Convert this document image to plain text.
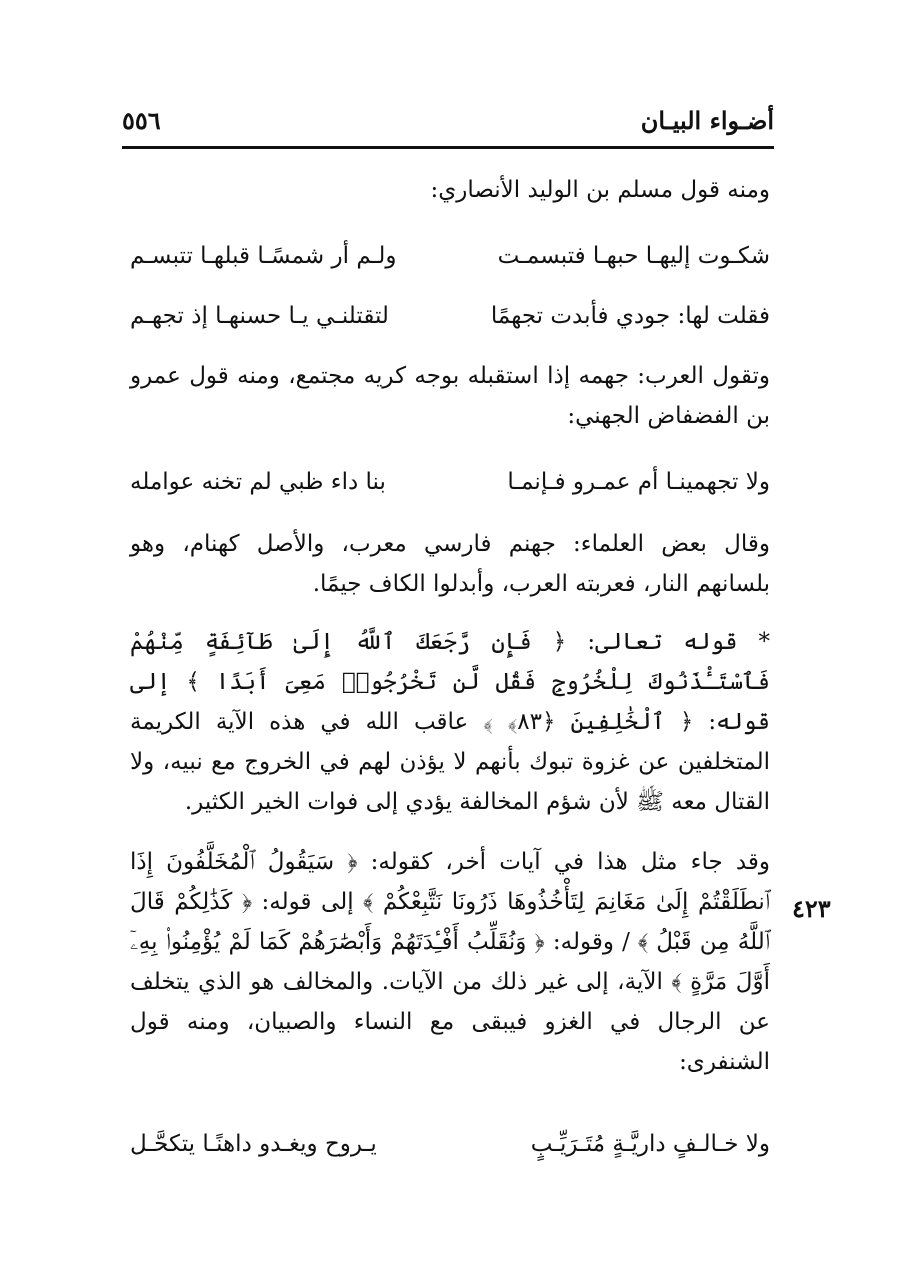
أضـواء البيـان
٥٥٦
ومنه قول مسلم بن الوليد الأنصاري:
شكـوت إليهـا حبهـا فتبسمـت
ولـم أر شمسًـا قبلهـا تتبسـم
فقلت لها: جودي فأبدت تجهمًا
لتقتلنـي يـا حسنهـا إذ تجهـم
وتقول العرب: جهمه إذا استقبله بوجه كريه مجتمع، ومنه قول عمرو بن الفضفاض الجهني:
ولا تجهمينـا أم عمـرو فـإنمـا
بنا داء ظبي لم تخنه عوامله
وقال بعض العلماء: جهنم فارسي معرب، والأصل كهنام، وهو بلسانهم النار، فعربته العرب، وأبدلوا الكاف جيمًا.
* قوله تعالى: ﴿ فَإِن رَّجَعَكَ ٱللَّهُ إِلَىٰ طَآئِفَةٍ مِّنْهُمْ فَٱسْتَـْٔذَنُوكَ لِلْخُرُوجِ فَقُل لَّن تَخْرُجُوا۟ مَعِىَ أَبَدًا ﴾ إلى قوله: ﴿ ٱلْخَٰلِفِينَ ﴿٨٣﴾ ﴾ عاقب الله في هذه الآية الكريمة المتخلفين عن غزوة تبوك بأنهم لا يؤذن لهم في الخروج مع نبيه، ولا القتال معه ﷺ لأن شؤم المخالفة يؤدي إلى فوات الخير الكثير.
وقد جاء مثل هذا في آيات أخر، كقوله: ﴿ سَيَقُولُ ٱلْمُخَلَّفُونَ إِذَا ٱنطَلَقْتُمْ إِلَىٰ مَغَانِمَ لِتَأْخُذُوهَا ذَرُونَا نَتَّبِعْكُمْ ﴾ إلى قوله: ﴿ كَذَٰلِكُمْ قَالَ ٱللَّهُ مِن قَبْلُ ﴾ / وقوله: ﴿ وَنُقَلِّبُ أَفْـِٔدَتَهُمْ وَأَبْصَٰرَهُمْ كَمَا لَمْ يُؤْمِنُوا۟ بِهِۦٓ أَوَّلَ مَرَّةٍ ﴾ الآية، إلى غير ذلك من الآيات. والمخالف هو الذي يتخلف عن الرجال في الغزو فيبقى مع النساء والصبيان، ومنه قول الشنفرى:
٤٢٣
ولا خـالـفٍ داريَّـةٍ مُتَـرَيِّـبٍ
يـروح ويغـدو داهنًـا يتكحَّـل
